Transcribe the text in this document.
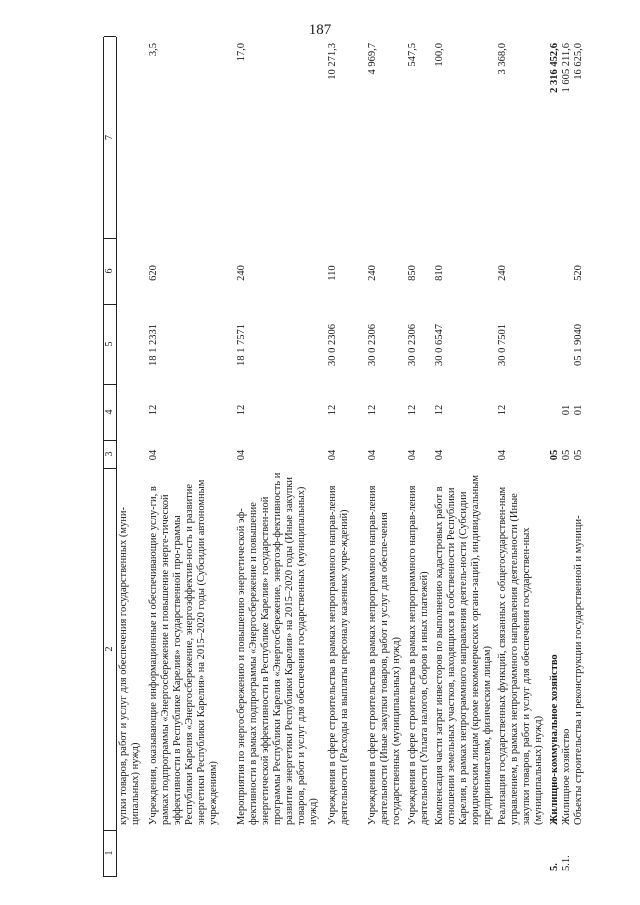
187
1
2
3
4
5
6
7
купки товаров, работ и услуг для обеспечения государственных (муни-ципальных) нужд) Учреждения, оказывающие информационные и обеспечивающие услу-ги, в рамках подпрограммы «Энергосбережение и повышение энерге-тической эффективности в Республике Карелия» государственной про-граммы Республики Карелия «Энергосбережение, энергоэффектив-ность и развитие энергетики Республики Карелия» на 2015–2020 годы (Субсидии автономным учреждениям)
04
12
18 1 2331
620
3,5
Мероприятия по энергосбережению и повышению энергетической эф-фективности в рамках подпрограммы «Энергосбережение и повышение энергетической эффективности в Республике Карелия» государствен-ной программы Республики Карелия «Энергосбережение, энергоэф-фективность и развитие энергетики Республики Карелия» на 2015–2020 годы (Иные закупки товаров, работ и услуг для обеспечения государственных (муниципальных) нужд)
04
12
18 1 7571
240
17,0
Учреждения в сфере строительства в рамках непрограммного направ-ления деятельности (Расходы на выплаты персоналу казенных учре-ждений)
04
12
30 0 2306
110
10 271,3
Учреждения в сфере строительства в рамках непрограммного направ-ления деятельности (Иные закупки товаров, работ и услуг для обеспе-чения государственных (муниципальных) нужд)
04
12
30 0 2306
240
4 969,7
Учреждения в сфере строительства в рамках непрограммного направ-ления деятельности (Уплата налогов, сборов и иных платежей)
04
12
30 0 2306
850
547,5
Компенсация части затрат инвесторов по выполнению кадастровых работ в отношении земельных участков, находящихся в собственности Республики Карелия, в рамках непрограммного направления деятель-ности (Субсидии юридическим лицам (кроме некоммерческих органи-заций), индивидуальным предпринимателям, физическим лицам)
04
12
30 0 6547
810
100,0
Реализация государственных функций, связанных с общегосударствен-ным управлением, в рамках непрограммного направления деятельности (Иные закупки товаров, работ и услуг для обеспечения государствен-ных (муниципальных) нужд)
04
12
30 0 7501
240
3 368,0
5.
Жилищно-коммунальное хозяйство
05
2 316 452,6
5.1.
Жилищное хозяйство
05
01
1 605 211,6
Объекты строительства и реконструкции государственной и муници-
05
01
05 1 9040
520
16 625,0
